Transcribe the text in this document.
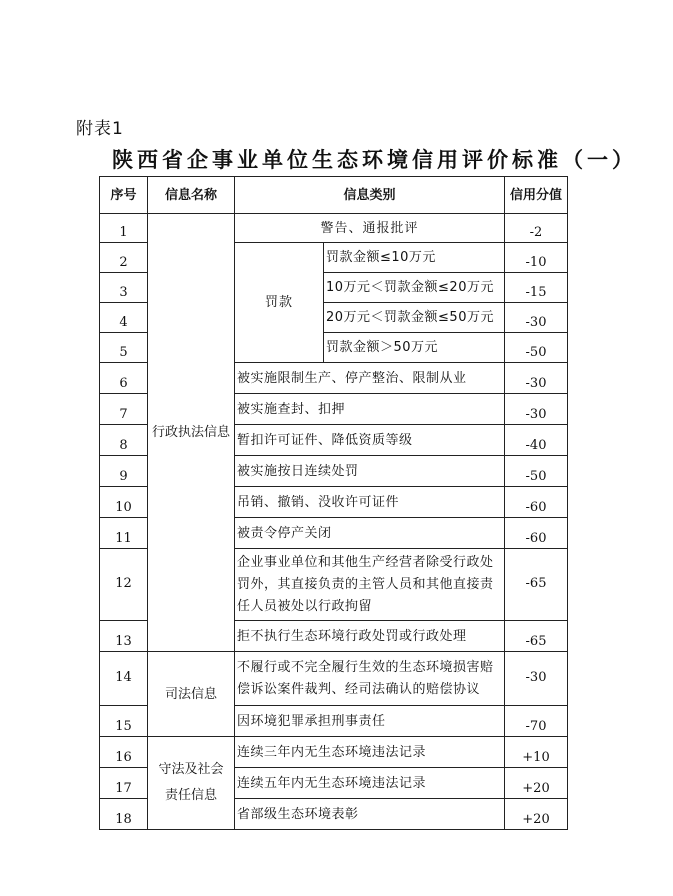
附表1
陕西省企事业单位生态环境信用评价标准（一）
序号	信息名称	信息类别		信用分值
1	行政执法信息	警告、通报批评		-2
2		罚款	罚款金额≤10万元	-10
3			10万元＜罚款金额≤20万元	-15
4			20万元＜罚款金额≤50万元	-30
5			罚款金额＞50万元	-50
6		被实施限制生产、停产整治、限制从业		-30
7		被实施查封、扣押		-30
8		暂扣许可证件、降低资质等级		-40
9		被实施按日连续处罚		-50
10		吊销、撤销、没收许可证件		-60
11		被责令停产关闭		-60
12		企业事业单位和其他生产经营者除受行政处罚外，其直接负责的主管人员和其他直接责任人员被处以行政拘留		-65
13		拒不执行生态环境行政处罚或行政处理		-65
14	司法信息	不履行或不完全履行生效的生态环境损害赔偿诉讼案件裁判、经司法确认的赔偿协议		-30
15		因环境犯罪承担刑事责任		-70
16	守法及社会
责任信息	连续三年内无生态环境违法记录		+10
17		连续五年内无生态环境违法记录		+20
18		省部级生态环境表彰		+20
